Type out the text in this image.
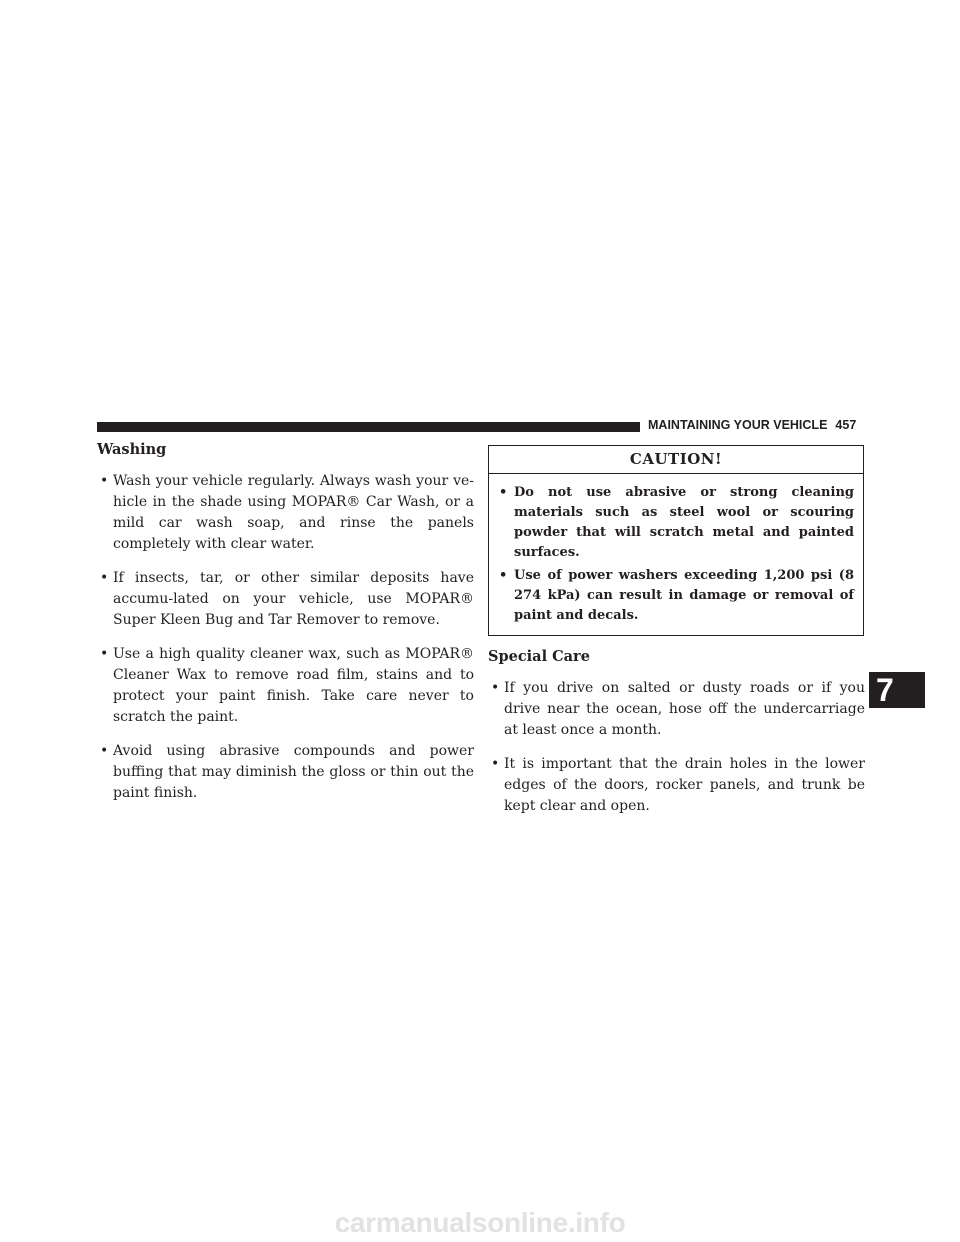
MAINTAINING YOUR VEHICLE 457
Washing
• Wash your vehicle regularly. Always wash your ve-hicle in the shade using MOPAR® Car Wash, or a mild car wash soap, and rinse the panels completely with clear water.
• If insects, tar, or other similar deposits have accumu-lated on your vehicle, use MOPAR® Super Kleen Bug and Tar Remover to remove.
• Use a high quality cleaner wax, such as MOPAR® Cleaner Wax to remove road film, stains and to protect your paint finish. Take care never to scratch the paint.
• Avoid using abrasive compounds and power buffing that may diminish the gloss or thin out the paint finish.
CAUTION!
• Do not use abrasive or strong cleaning materials such as steel wool or scouring powder that will scratch metal and painted surfaces.
• Use of power washers exceeding 1,200 psi (8 274 kPa) can result in damage or removal of paint and decals.
Special Care
• If you drive on salted or dusty roads or if you drive near the ocean, hose off the undercarriage at least once a month.
• It is important that the drain holes in the lower edges of the doors, rocker panels, and trunk be kept clear and open.
7
carmanualsonline.info
